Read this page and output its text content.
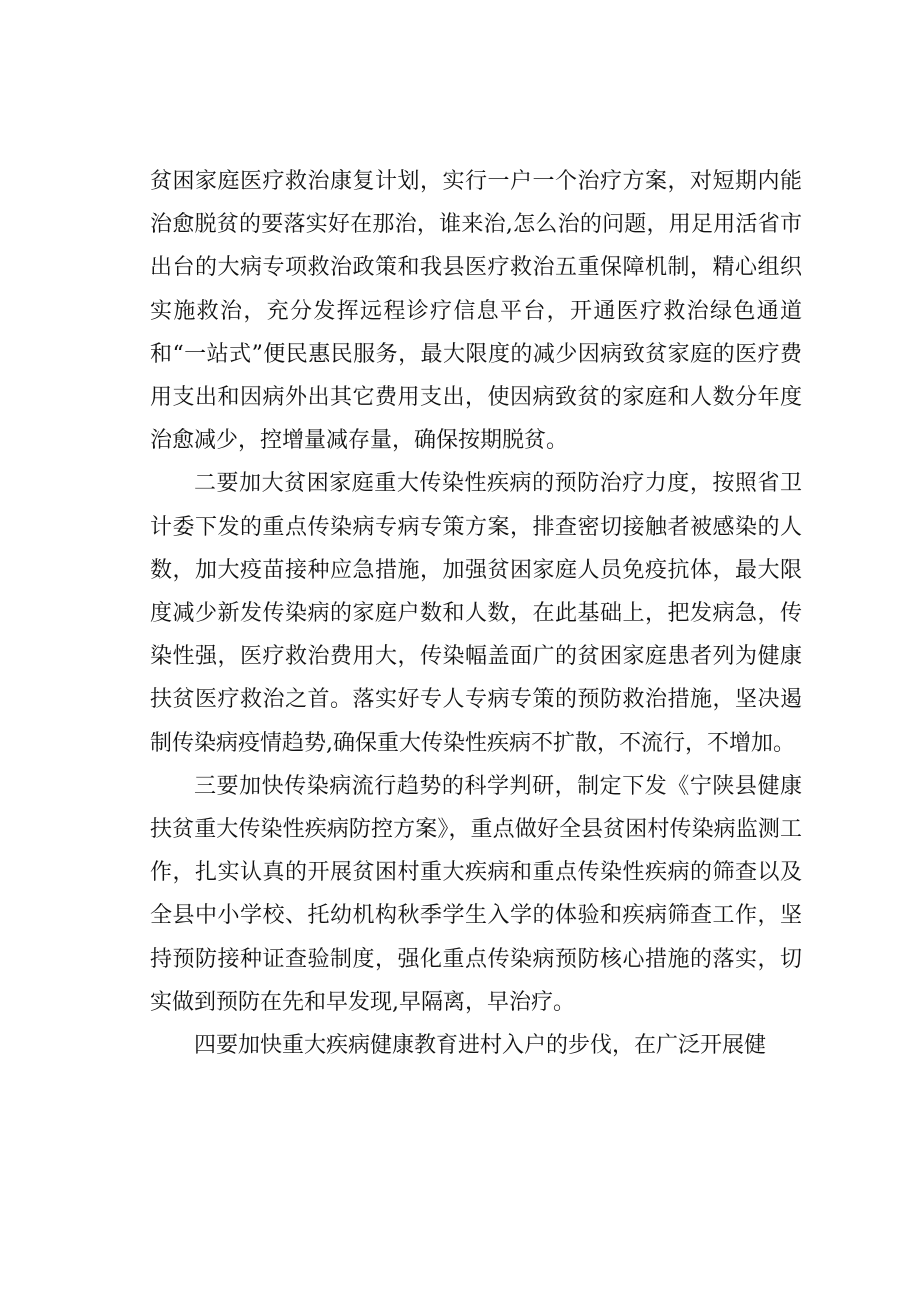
贫困家庭医疗救治康复计划，实行一户一个治疗方案，对短期内能治愈脱贫的要落实好在那治，谁来治,怎么治的问题，用足用活省市出台的大病专项救治政策和我县医疗救治五重保障机制，精心组织实施救治，充分发挥远程诊疗信息平台，开通医疗救治绿色通道和“一站式”便民惠民服务，最大限度的减少因病致贫家庭的医疗费用支出和因病外出其它费用支出，使因病致贫的家庭和人数分年度治愈减少，控增量减存量，确保按期脱贫。

二要加大贫困家庭重大传染性疾病的预防治疗力度，按照省卫计委下发的重点传染病专病专策方案，排查密切接触者被感染的人数，加大疫苗接种应急措施，加强贫困家庭人员免疫抗体，最大限度减少新发传染病的家庭户数和人数，在此基础上，把发病急，传染性强，医疗救治费用大，传染幅盖面广的贫困家庭患者列为健康扶贫医疗救治之首。落实好专人专病专策的预防救治措施，坚决遏制传染病疫情趋势,确保重大传染性疾病不扩散，不流行，不增加。

三要加快传染病流行趋势的科学判研，制定下发《宁陕县健康扶贫重大传染性疾病防控方案》，重点做好全县贫困村传染病监测工作，扎实认真的开展贫困村重大疾病和重点传染性疾病的筛查以及全县中小学校、托幼机构秋季学生入学的体验和疾病筛查工作，坚持预防接种证查验制度，强化重点传染病预防核心措施的落实，切实做到预防在先和早发现,早隔离，早治疗。

四要加快重大疾病健康教育进村入户的步伐，在广泛开展健
